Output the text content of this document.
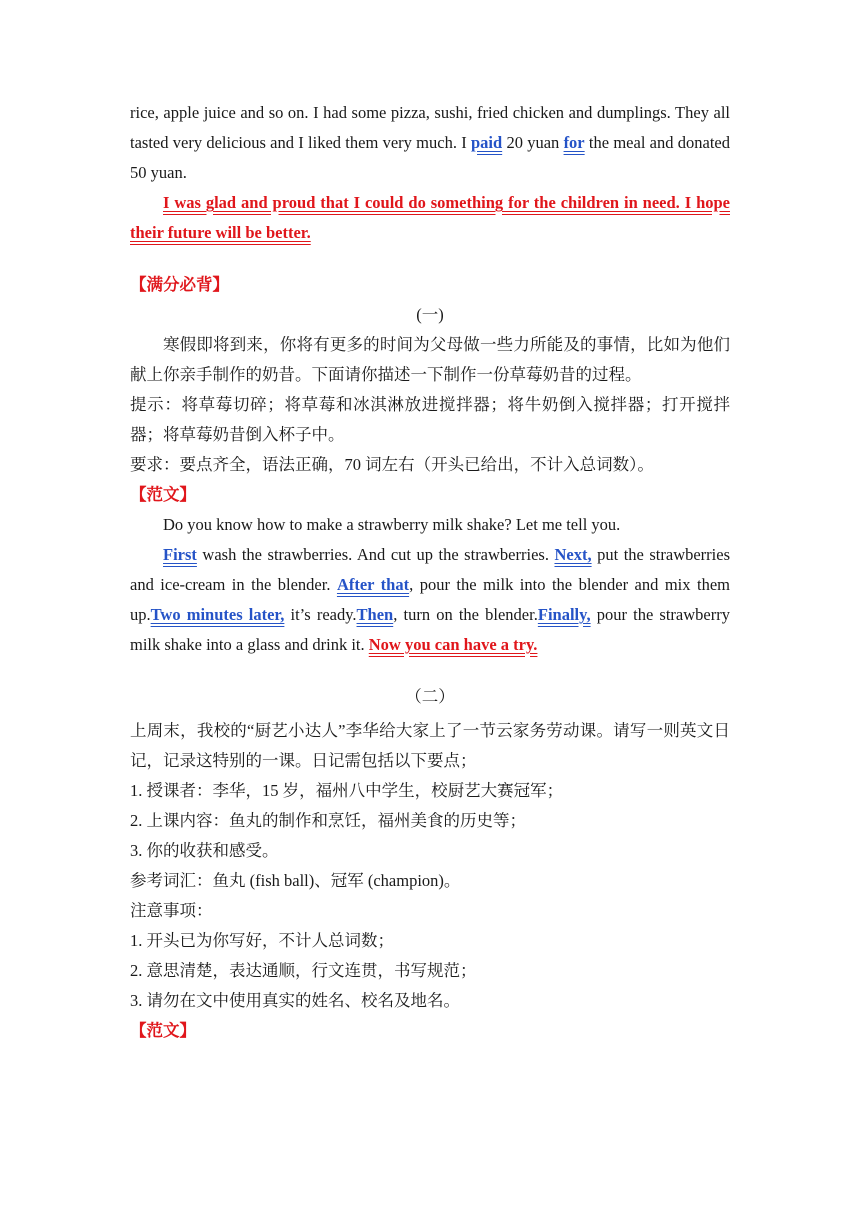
rice, apple juice and so on. I had some pizza, sushi, fried chicken and dumplings. They all tasted very delicious and I liked them very much. I paid 20 yuan for the meal and donated 50 yuan.

I was glad and proud that I could do something for the children in need. I hope their future will be better.

【满分必背】

(一)

寒假即将到来，你将有更多的时间为父母做一些力所能及的事情，比如为他们献上你亲手制作的奶昔。下面请你描述一下制作一份草莓奶昔的过程。

提示：将草莓切碎；将草莓和冰淇淋放进搅拌器；将牛奶倒入搅拌器；打开搅拌器；将草莓奶昔倒入杯子中。

要求：要点齐全，语法正确，70 词左右（开头已给出，不计入总词数）。

【范文】

Do you know how to make a strawberry milk shake? Let me tell you.

First wash the strawberries. And cut up the strawberries. Next, put the strawberries and ice-cream in the blender. After that, pour the milk into the blender and mix them up.Two minutes later, it’s ready.Then, turn on the blender.Finally, pour the strawberry milk shake into a glass and drink it. Now you can have a try.

（二）

上周末，我校的“厨艺小达人”李华给大家上了一节云家务劳动课。请写一则英文日记，记录这特别的一课。日记需包括以下要点；

1. 授课者：李华，15 岁，福州八中学生，校厨艺大赛冠军；

2. 上课内容：鱼丸的制作和烹饪，福州美食的历史等；

3. 你的收获和感受。

参考词汇：鱼丸 (fish ball)、冠军 (champion)。

注意事项：

1. 开头已为你写好，不计人总词数；

2. 意思清楚，表达通顺，行文连贯，书写规范；

3. 请勿在文中使用真实的姓名、校名及地名。

【范文】
